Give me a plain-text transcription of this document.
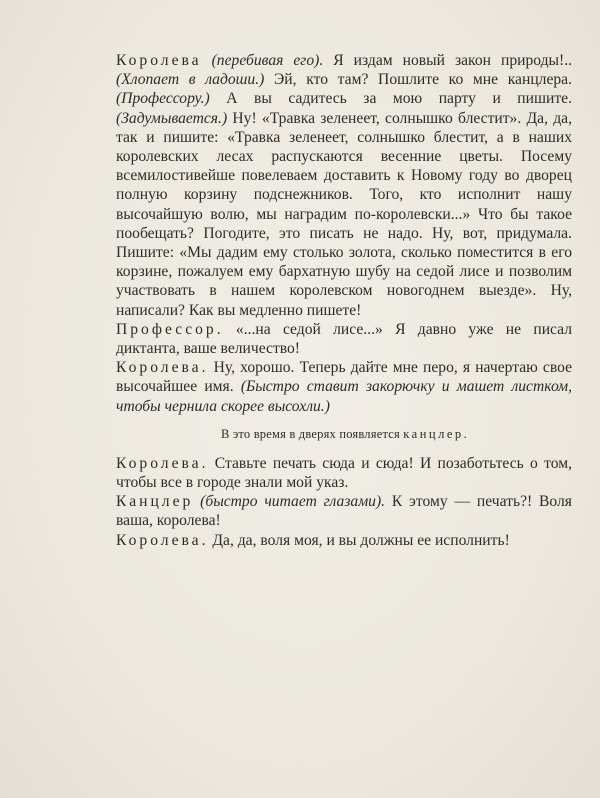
Королева (перебивая его). Я издам новый закон природы!.. (Хлопает в ладоши.) Эй, кто там? Пошлите ко мне канцлера. (Профессору.) А вы садитесь за мою парту и пишите. (Задумывается.) Ну! «Травка зеленеет, солнышко блестит». Да, да, так и пишите: «Травка зеленеет, солнышко блестит, а в наших королевских лесах распускаются весенние цветы. Посему всемилостивейше повелеваем доставить к Новому году во дворец полную корзину подснежников. Того, кто исполнит нашу высочайшую волю, мы наградим по-королевски...» Что бы такое пообещать? Погодите, это писать не надо. Ну, вот, придумала. Пишите: «Мы дадим ему столько золота, сколько поместится в его корзине, пожалуем ему бархатную шубу на седой лисе и позволим участвовать в нашем королевском новогоднем выезде». Ну, написали? Как вы медленно пишете!

Профессор. «...на седой лисе...» Я давно уже не писал диктанта, ваше величество!

Королева. Ну, хорошо. Теперь дайте мне перо, я начертаю свое высочайшее имя. (Быстро ставит закорючку и машет листком, чтобы чернила скорее высохли.)

В это время в дверях появляется канцлер.

Королева. Ставьте печать сюда и сюда! И позаботьтесь о том, чтобы все в городе знали мой указ.

Канцлер (быстро читает глазами). К этому — печать?! Воля ваша, королева!

Королева. Да, да, воля моя, и вы должны ее исполнить!
